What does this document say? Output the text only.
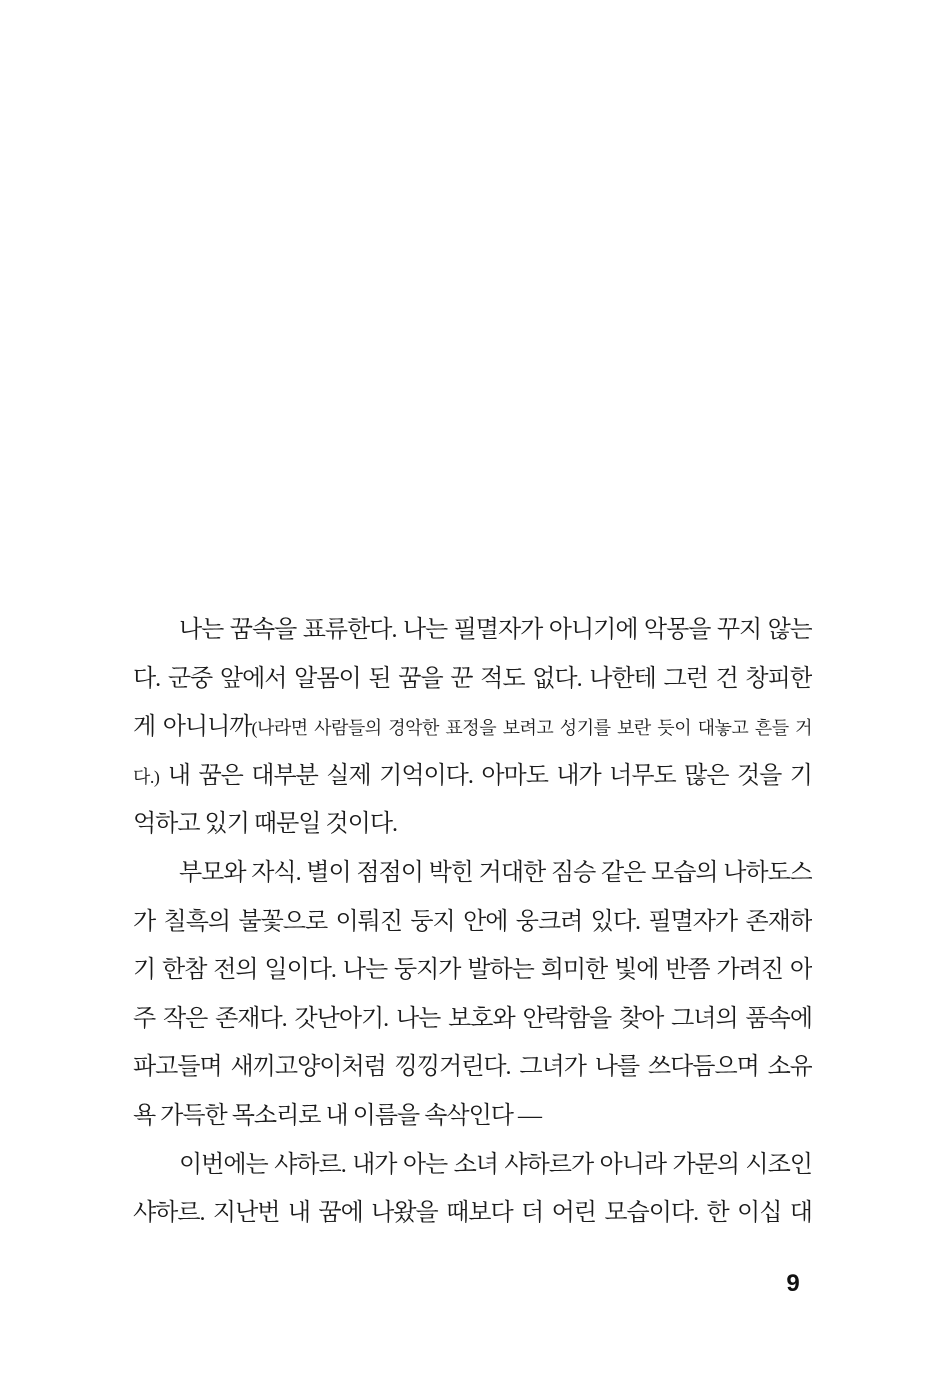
나는 꿈속을 표류한다. 나는 필멸자가 아니기에 악몽을 꾸지 않는
다. 군중 앞에서 알몸이 된 꿈을 꾼 적도 없다. 나한테 그런 건 창피한
게 아니니까(나라면 사람들의 경악한 표정을 보려고 성기를 보란 듯이 대놓고 흔들 거
다.) 내 꿈은 대부분 실제 기억이다. 아마도 내가 너무도 많은 것을 기
억하고 있기 때문일 것이다.
부모와 자식. 별이 점점이 박힌 거대한 짐승 같은 모습의 나하도스
가 칠흑의 불꽃으로 이뤄진 둥지 안에 웅크려 있다. 필멸자가 존재하
기 한참 전의 일이다. 나는 둥지가 발하는 희미한 빛에 반쯤 가려진 아
주 작은 존재다. 갓난아기. 나는 보호와 안락함을 찾아 그녀의 품속에
파고들며 새끼고양이처럼 낑낑거린다. 그녀가 나를 쓰다듬으며 소유
욕 가득한 목소리로 내 이름을 속삭인다 —
이번에는 샤하르. 내가 아는 소녀 샤하르가 아니라 가문의 시조인
샤하르. 지난번 내 꿈에 나왔을 때보다 더 어린 모습이다. 한 이십 대
9
